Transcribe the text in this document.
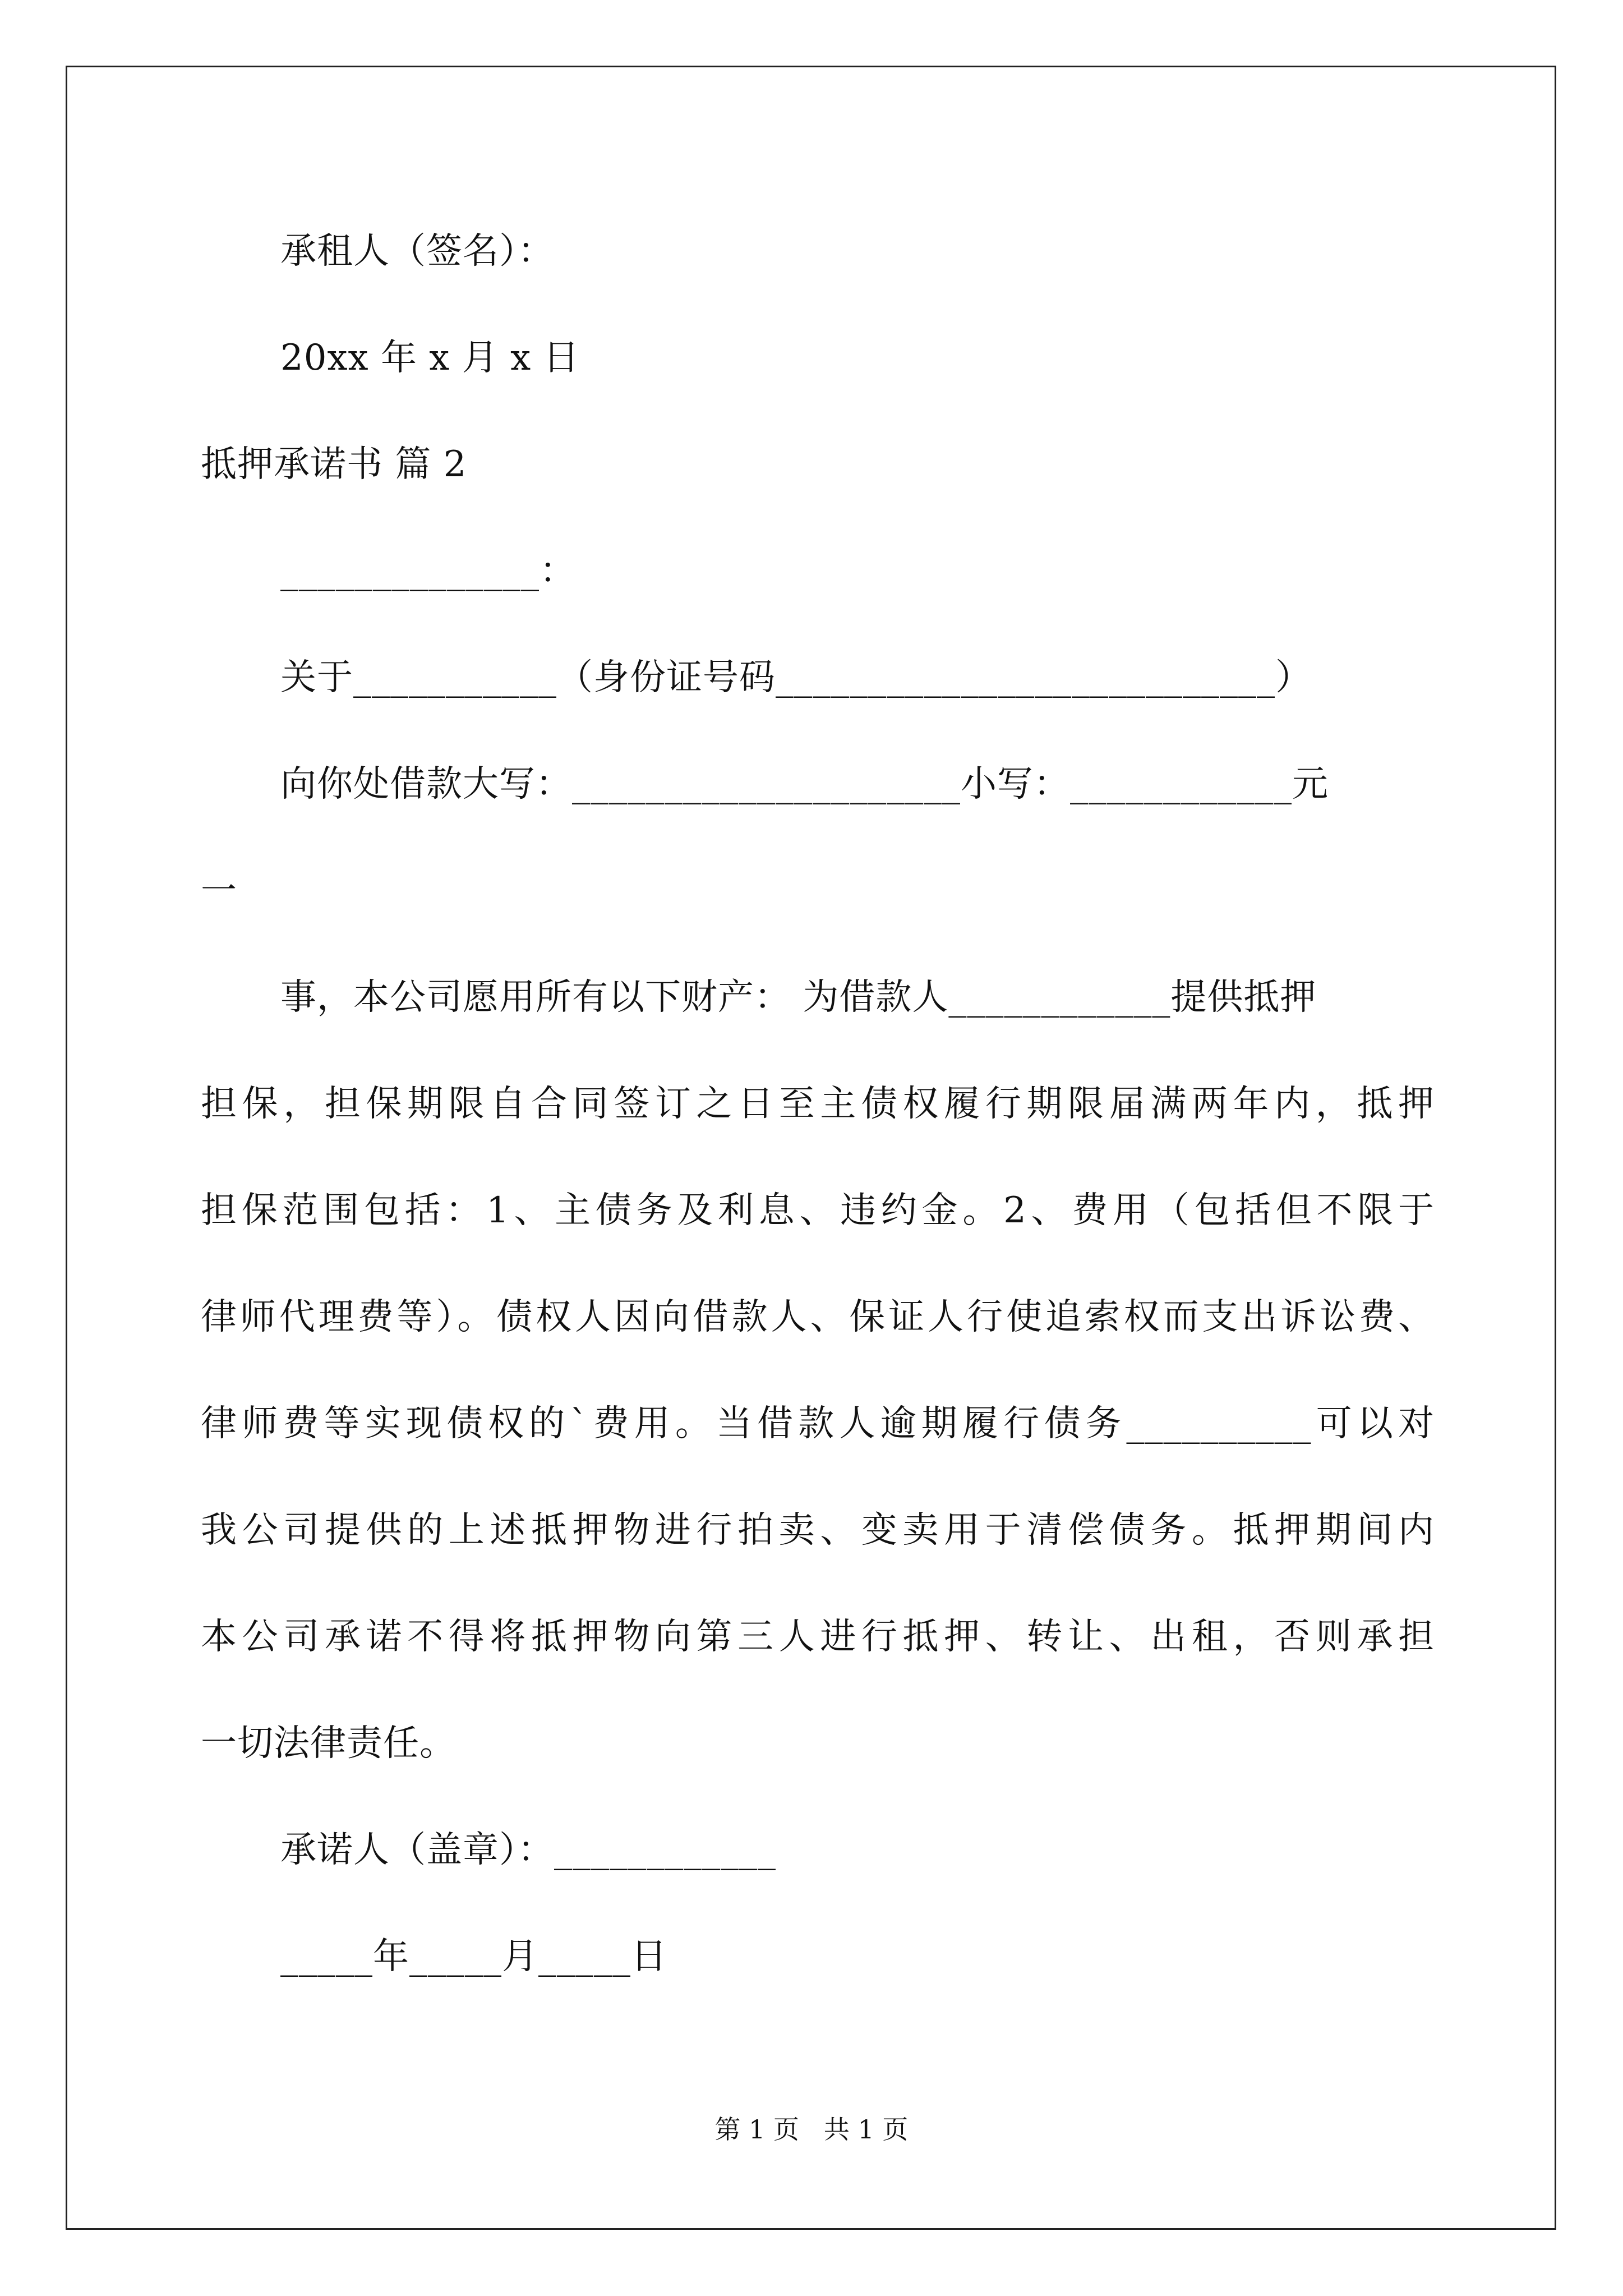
承租人（签名）：
20xx 年 x 月 x 日
抵押承诺书 篇 2
______________：
关于___________（身份证号码___________________________）
向你处借款大写：_____________________小写：____________元
一
事，本公司愿用所有以下财产： 为借款人____________提供抵押
担保，担保期限自合同签订之日至主债权履行期限届满两年内，抵押
担保范围包括：1、主债务及利息、违约金。2、费用（包括但不限于
律师代理费等）。债权人因向借款人、保证人行使追索权而支出诉讼费、
律师费等实现债权的`费用。当借款人逾期履行债务__________可以对
我公司提供的上述抵押物进行拍卖、变卖用于清偿债务。抵押期间内
本公司承诺不得将抵押物向第三人进行抵押、转让、出租，否则承担
一切法律责任。
承诺人（盖章）：____________
_____年_____月_____日
第 1 页   共 1 页
